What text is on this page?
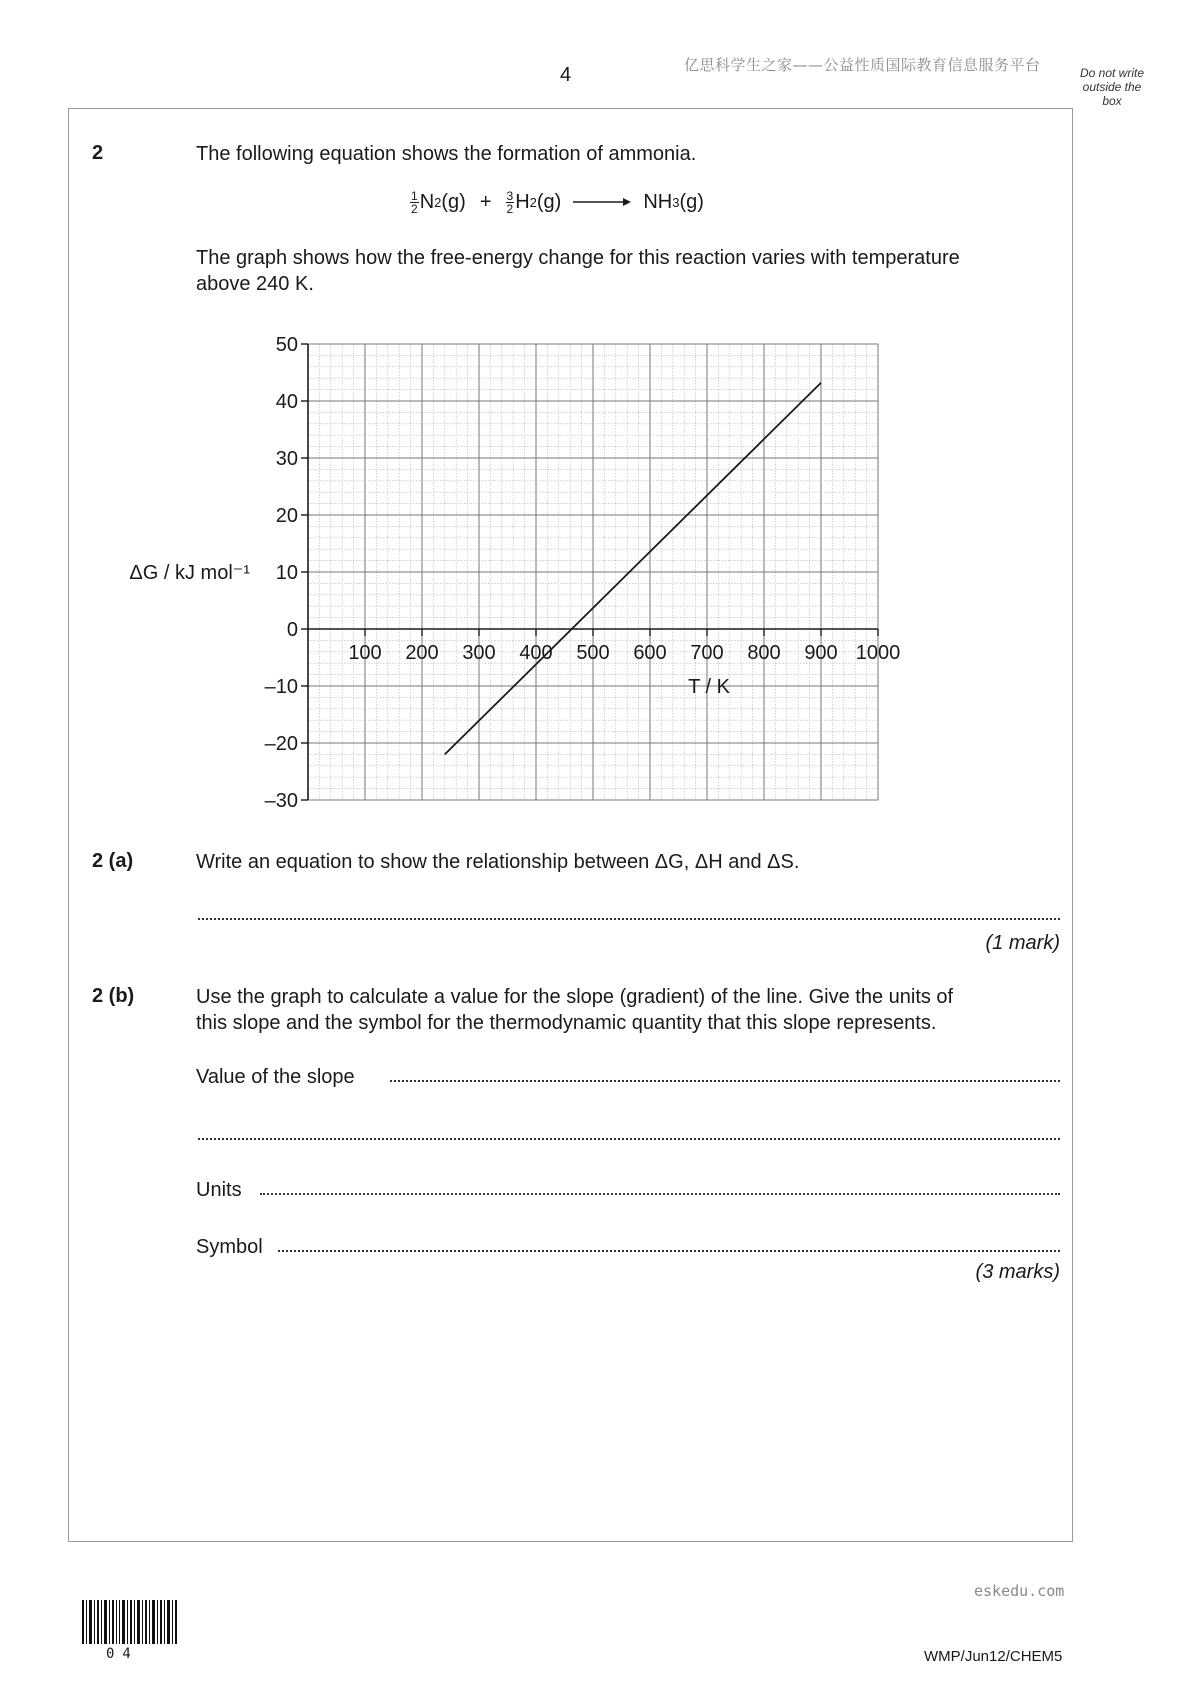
4	亿思科学生之家——公益性质国际教育信息服务平台	Do not write
outside the
box
2	The following equation shows the formation of ammonia.
$\frac{1}{2}$ N 2 $(g) + \frac{3}{2}$ H 2 (g) → NH 3 (g)
The graph shows how the free-energy change for this reaction varies with temperature
above 240 K.
50
40
30
20
10
0
–10
–20
–30
100 200 300 400 500 600 700 800 900 1000
T / K
ΔG / kJ mol⁻¹
2 (a)	Write an equation to show the relationship between ΔG, ΔH and ΔS.
(1 mark)
2 (b)	Use the graph to calculate a value for the slope (gradient) of the line. Give the units of
this slope and the symbol for the thermodynamic quantity that this slope represents.
Value of the slope
Units
Symbol
(3 marks)
eskedu.com
04	WMP/Jun12/CHEM5
